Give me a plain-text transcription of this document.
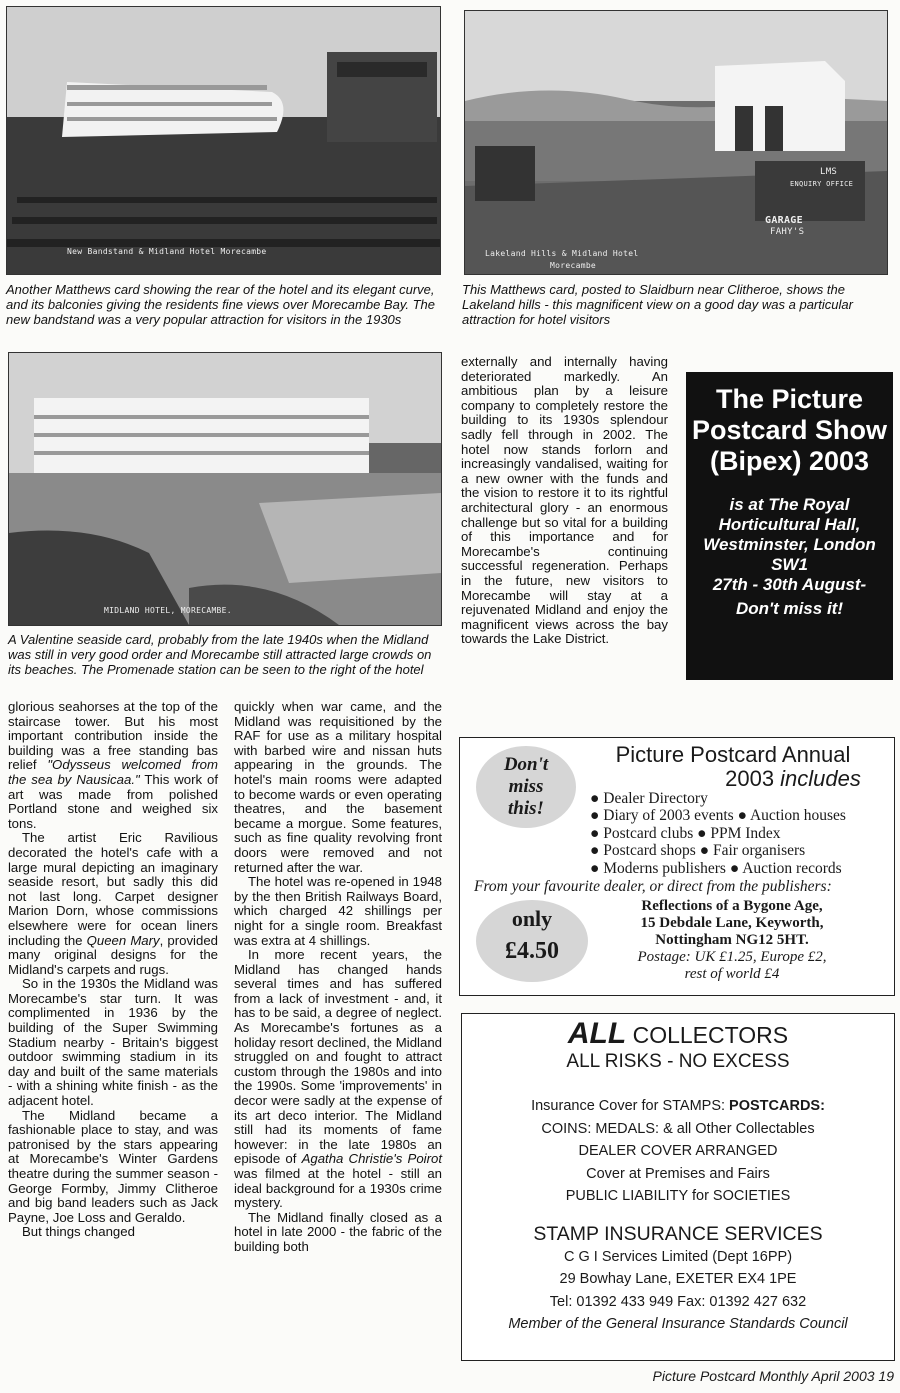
New Bandstand & Midland Hotel Morecambe
LMS
ENQUIRY OFFICE
GARAGE
FAHY'S
Lakeland Hills & Midland Hotel
Morecambe
Another Matthews card showing the rear of the hotel and its elegant curve, and its balconies giving the residents fine views over Morecambe Bay. The new bandstand was a very popular attraction for visitors in the 1930s
This Matthews card, posted to Slaidburn near Clitheroe, shows the Lakeland hills - this magnificent view on a good day was a particular attraction for hotel visitors
MIDLAND HOTEL, MORECAMBE.
A Valentine seaside card, probably from the late 1940s when the Midland was still in very good order and Morecambe still attracted large crowds on its beaches. The Promenade station can be seen to the right of the hotel

externally and internally having deteriorated markedly. An ambitious plan by a leisure company to completely restore the building to its 1930s splendour sadly fell through in 2002. The hotel now stands forlorn and increasingly vandalised, waiting for a new owner with the funds and the vision to restore it to its rightful architectural glory - an enormous challenge but so vital for a building of this importance and for Morecambe's continuing successful regeneration. Perhaps in the future, new visitors to Morecambe will stay at a rejuvenated Midland and enjoy the magnificent views across the bay towards the Lake District.

The Picture Postcard Show (Bipex) 2003
is at The Royal Horticultural Hall, Westminster, London SW1
27th - 30th August-
Don't miss it!

glorious seahorses at the top of the staircase tower. But his most important contribution inside the building was a free standing bas relief "Odysseus welcomed from the sea by Nausicaa." This work of art was made from polished Portland stone and weighed six tons.

The artist Eric Ravilious decorated the hotel's cafe with a large mural depicting an imaginary seaside resort, but sadly this did not last long. Carpet designer Marion Dorn, whose commissions elsewhere were for ocean liners including the Queen Mary, provided many original designs for the Midland's carpets and rugs.

So in the 1930s the Midland was Morecambe's star turn. It was complimented in 1936 by the building of the Super Swimming Stadium nearby - Britain's biggest outdoor swimming stadium in its day and built of the same materials - with a shining white finish - as the adjacent hotel.

The Midland became a fashionable place to stay, and was patronised by the stars appearing at Morecambe's Winter Gardens theatre during the summer season - George Formby, Jimmy Clitheroe and big band leaders such as Jack Payne, Joe Loss and Geraldo.

But things changed

quickly when war came, and the Midland was requisitioned by the RAF for use as a military hospital with barbed wire and nissan huts appearing in the grounds. The hotel's main rooms were adapted to become wards or even operating theatres, and the basement became a morgue. Some features, such as fine quality revolving front doors were removed and not returned after the war.

The hotel was re-opened in 1948 by the then British Railways Board, which charged 42 shillings per night for a single room. Breakfast was extra at 4 shillings.

In more recent years, the Midland has changed hands several times and has suffered from a lack of investment - and, it has to be said, a degree of neglect. As Morecambe's fortunes as a holiday resort declined, the Midland struggled on and fought to attract custom through the 1980s and into the 1990s. Some 'improvements' in decor were sadly at the expense of its art deco interior. The Midland still had its moments of fame however: in the late 1980s an episode of Agatha Christie's Poirot was filmed at the hotel - still an ideal background for a 1930s crime mystery.

The Midland finally closed as a hotel in late 2000 - the fabric of the building both

Don't miss this!
Picture Postcard Annual
2003 includes
● Dealer Directory
● Diary of 2003 events ● Auction houses
● Postcard clubs ● PPM Index
● Postcard shops ● Fair organisers
● Moderns publishers ● Auction records
From your favourite dealer, or direct from the publishers:
only
£4.50
Reflections of a Bygone Age,
15 Debdale Lane, Keyworth,
Nottingham NG12 5HT.
Postage: UK £1.25, Europe £2,
rest of world £4
ALL COLLECTORS
ALL RISKS - NO EXCESS
Insurance Cover for STAMPS: POSTCARDS:
COINS: MEDALS: & all Other Collectables
DEALER COVER ARRANGED
Cover at Premises and Fairs
PUBLIC LIABILITY for SOCIETIES
STAMP INSURANCE SERVICES
C G I Services Limited (Dept 16PP)
29 Bowhay Lane, EXETER EX4 1PE
Tel: 01392 433 949 Fax: 01392 427 632
Member of the General Insurance Standards Council
Picture Postcard Monthly April 2003 19
